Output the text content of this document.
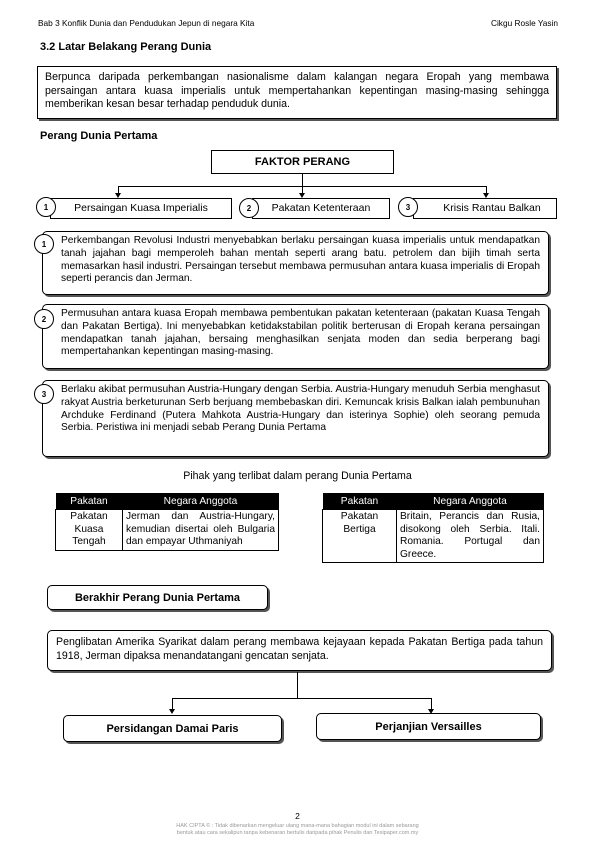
Bab 3 Konflik Dunia dan Pendudukan Jepun di negara Kita	Cikgu Rosle Yasin
3.2 Latar Belakang Perang Dunia
Berpunca daripada perkembangan nasionalisme dalam kalangan negara Eropah yang membawa persaingan antara kuasa imperialis untuk mempertahankan kepentingan masing-masing sehingga memberikan kesan besar terhadap penduduk dunia.
Perang Dunia Pertama
FAKTOR PERANG
Persaingan Kuasa Imperialis
1	Pakatan Ketenteraan
2	Krisis Rantau Balkan
3
Perkembangan Revolusi Industri menyebabkan berlaku persaingan kuasa imperialis untuk mendapatkan tanah jajahan bagi memperoleh bahan mentah seperti arang batu. petrolem dan bijih timah serta memasarkan hasil industri. Persaingan tersebut membawa permusuhan antara kuasa imperialis di Eropah seperti perancis dan Jerman.
1
Permusuhan antara kuasa Eropah membawa pembentukan pakatan ketenteraan (pakatan Kuasa Tengah dan Pakatan Bertiga). Ini menyebabkan ketidakstabilan politik berterusan di Eropah kerana persaingan mendapatkan tanah jajahan, bersaing menghasilkan senjata moden dan sedia berperang bagi mempertahankan kepentingan masing-masing.
2
Berlaku akibat permusuhan Austria-Hungary dengan Serbia. Austria-Hungary menuduh Serbia menghasut rakyat Austria berketurunan Serb berjuang membebaskan diri. Kemuncak krisis Balkan ialah pembunuhan Archduke Ferdinand (Putera Mahkota Austria-Hungary dan isterinya Sophie) oleh seorang pemuda Serbia. Peristiwa ini menjadi sebab Perang Dunia Pertama
3
Pihak yang terlibat dalam perang Dunia Pertama
Pakatan	Negara Anggota
Pakatan Kuasa Tengah	Jerman dan Austria-Hungary, kemudian disertai oleh Bulgaria dan empayar Uthmaniyah
Pakatan	Negara Anggota
Pakatan Bertiga	Britain, Perancis dan Rusia, disokong oleh Serbia. Itali. Romania. Portugal dan Greece.
Berakhir Perang Dunia Pertama
Penglibatan Amerika Syarikat dalam perang membawa kejayaan kepada Pakatan Bertiga pada tahun 1918, Jerman dipaksa menandatangani gencatan senjata.
Persidangan Damai Paris	Perjanjian Versailles
2
HAK CIPTA © : Tidak dibenarkan mengeluar ulang mana-mana bahagian modul ini dalam sebarang
bentuk atau cara sekalipun tanpa kebenaran bertulis daripada pihak Penulis dan Tesipaper.com.my
